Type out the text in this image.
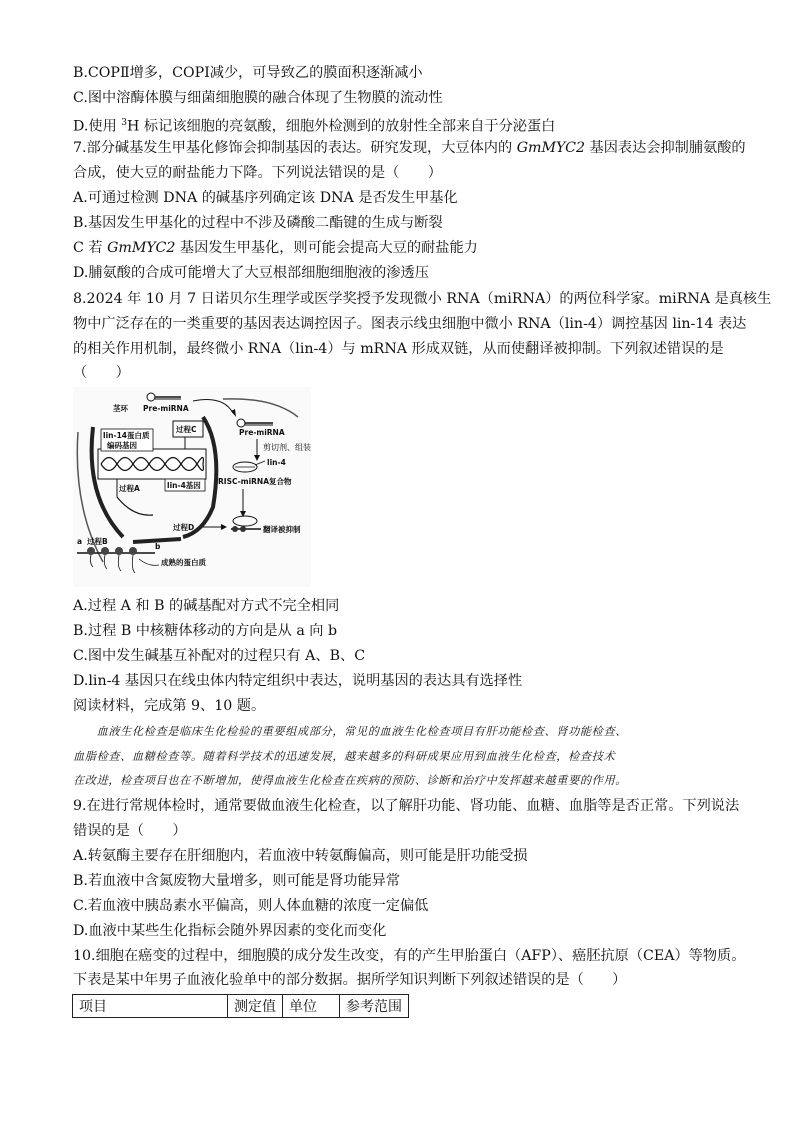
B.COPⅡ增多，COPⅠ减少，可导致乙的膜面积逐渐减小
C.图中溶酶体膜与细菌细胞膜的融合体现了生物膜的流动性
D.使用 $^3$H 标记该细胞的亮氨酸，细胞外检测到的放射性全部来自于分泌蛋白
7.部分碱基发生甲基化修饰会抑制基因的表达。研究发现，大豆体内的 GmMYC2 基因表达会抑制脯氨酸的
合成，使大豆的耐盐能力下降。下列说法错误的是（　　）
A.可通过检测 DNA 的碱基序列确定该 DNA 是否发生甲基化
B.基因发生甲基化的过程中不涉及磷酸二酯键的生成与断裂
C 若 GmMYC2 基因发生甲基化，则可能会提高大豆的耐盐能力
D.脯氨酸的合成可能增大了大豆根部细胞细胞液的渗透压
8.2024 年 10 月 7 日诺贝尔生理学或医学奖授予发现微小 RNA（miRNA）的两位科学家。miRNA 是真核生
物中广泛存在的一类重要的基因表达调控因子。图表示线虫细胞中微小 RNA（lin-4）调控基因 lin-14 表达
的相关作用机制，最终微小 RNA（lin-4）与 mRNA 形成双链，从而使翻译被抑制。下列叙述错误的是
（　　）
茎环 Pre-miRNA
Pre-miRNA
剪切剂、组装
lin-4
RISC-miRNA复合物
过程C
lin-14蛋白质
编码基因
lin-4基因
过程A
过程D	翻译被抑制
a 过程B
b
成熟的蛋白质
A.过程 A 和 B 的碱基配对方式不完全相同
B.过程 B 中核糖体移动的方向是从 a 向 b
C.图中发生碱基互补配对的过程只有 A、B、C
D.lin-4 基因只在线虫体内特定组织中表达，说明基因的表达具有选择性
阅读材料，完成第 9、10 题。
　　血液生化检查是临床生化检验的重要组成部分，常见的血液生化检查项目有肝功能检查、肾功能检查、
血脂检查、血糖检查等。随着科学技术的迅速发展，越来越多的科研成果应用到血液生化检查，检查技术
在改进，检查项目也在不断增加，使得血液生化检查在疾病的预防、诊断和治疗中发挥越来越重要的作用。
9.在进行常规体检时，通常要做血液生化检查，以了解肝功能、肾功能、血糖、血脂等是否正常。下列说法
错误的是（　　）
A.转氨酶主要存在肝细胞内，若血液中转氨酶偏高，则可能是肝功能受损
B.若血液中含氮废物大量增多，则可能是肾功能异常
C.若血液中胰岛素水平偏高，则人体血糖的浓度一定偏低
D.血液中某些生化指标会随外界因素的变化而变化
10.细胞在癌变的过程中，细胞膜的成分发生改变，有的产生甲胎蛋白（AFP）、癌胚抗原（CEA）等物质。
下表是某中年男子血液化验单中的部分数据。据所学知识判断下列叙述错误的是（　　）
项目	测定值	单位	参考范围
